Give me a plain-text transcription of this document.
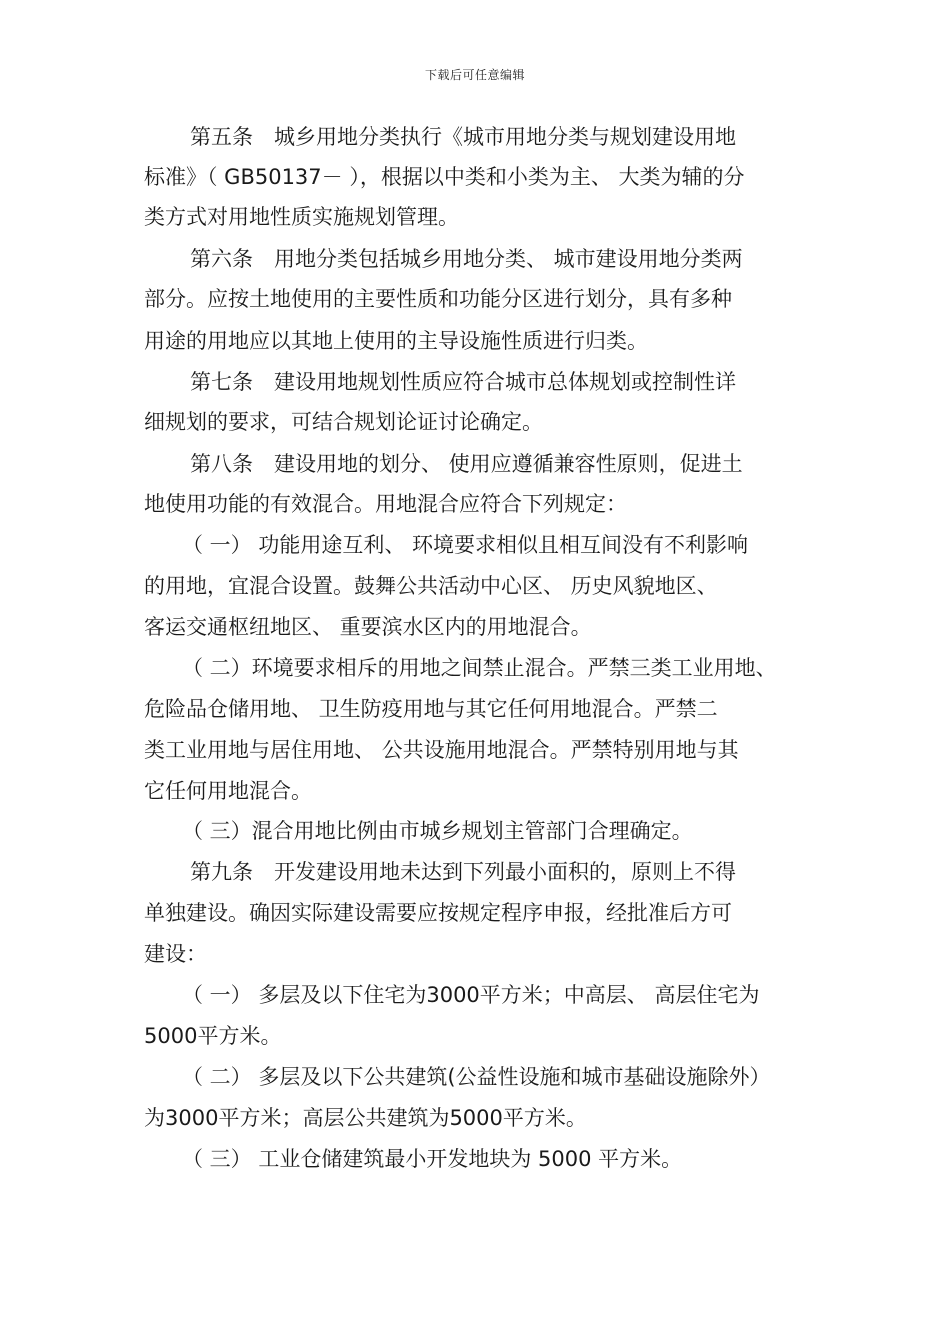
下载后可任意编辑
第五条　城乡用地分类执行《城市用地分类与规划建设用地
标准》（ GB50137－ ），根据以中类和小类为主、 大类为辅的分
类方式对用地性质实施规划管理。
第六条　用地分类包括城乡用地分类、 城市建设用地分类两
部分。应按土地使用的主要性质和功能分区进行划分，具有多种
用途的用地应以其地上使用的主导设施性质进行归类。
第七条　建设用地规划性质应符合城市总体规划或控制性详
细规划的要求，可结合规划论证讨论确定。
第八条　建设用地的划分、 使用应遵循兼容性原则，促进土
地使用功能的有效混合。用地混合应符合下列规定：
（ 一） 功能用途互利、 环境要求相似且相互间没有不利影响
的用地，宜混合设置。鼓舞公共活动中心区、 历史风貌地区、
客运交通枢纽地区、 重要滨水区内的用地混合。
（ 二）环境要求相斥的用地之间禁止混合。严禁三类工业用地、
危险品仓储用地、 卫生防疫用地与其它任何用地混合。严禁二
类工业用地与居住用地、 公共设施用地混合。严禁特别用地与其
它任何用地混合。
（ 三）混合用地比例由市城乡规划主管部门合理确定。
第九条　开发建设用地未达到下列最小面积的，原则上不得
单独建设。确因实际建设需要应按规定程序申报，经批准后方可
建设：
（ 一） 多层及以下住宅为3000平方米；中高层、 高层住宅为
5000平方米。
（ 二） 多层及以下公共建筑(公益性设施和城市基础设施除外）
为3000平方米；高层公共建筑为5000平方米。
（ 三） 工业仓储建筑最小开发地块为 5000 平方米。
